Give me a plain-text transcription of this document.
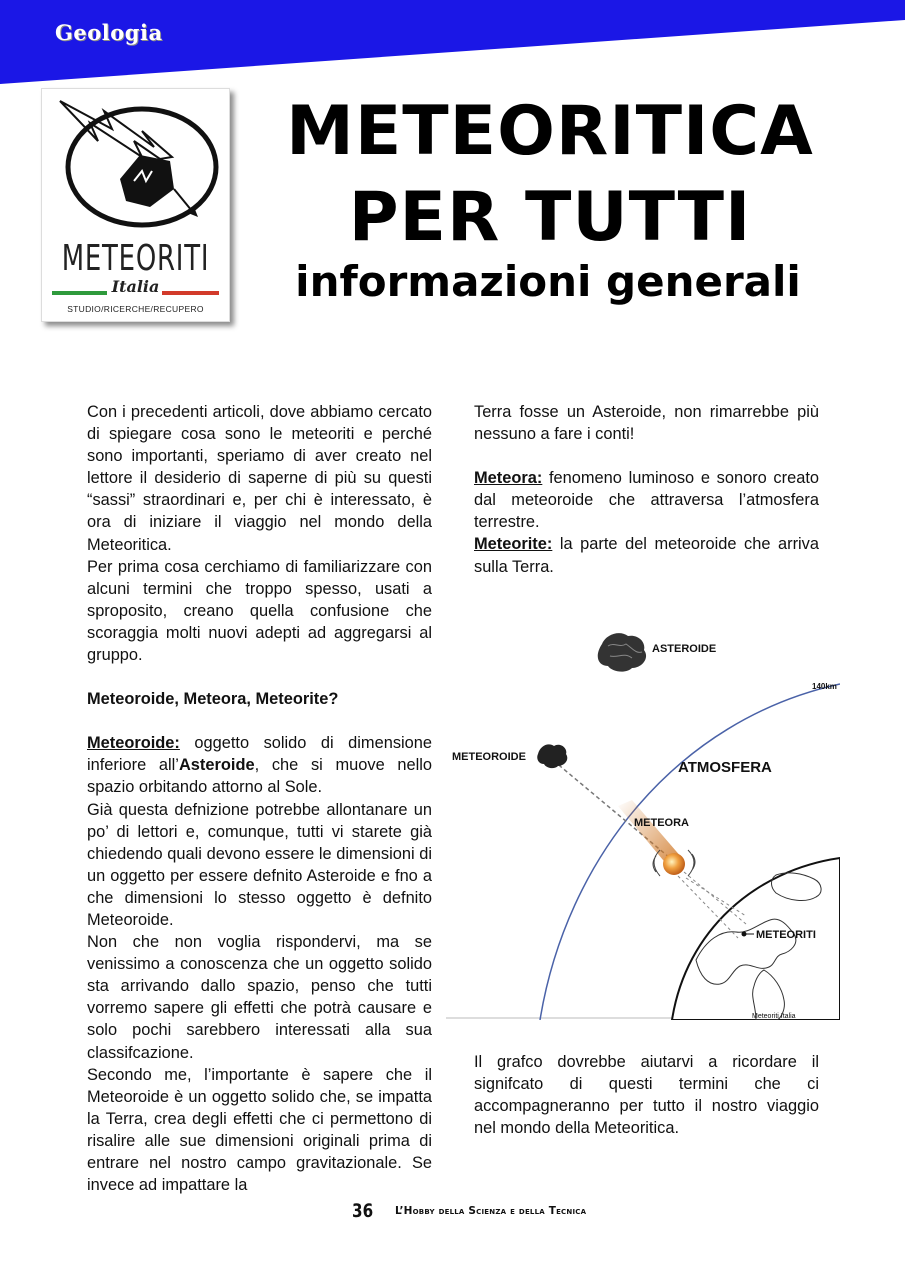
Geologia
METEORITI
Italia
STUDIO/RICERCHE/RECUPERO
METEORITICA
PER TUTTI
informazioni generali

Con i precedenti articoli, dove abbiamo cercato di spiegare cosa sono le meteoriti e perché sono importanti, speriamo di aver creato nel lettore il desiderio di saperne di più su questi “sassi” straordinari e, per chi è interessato, è ora di iniziare il viaggio nel mondo della Meteoritica.

Per prima cosa cerchiamo di familiarizzare con alcuni termini che troppo spesso, usati a sproposito, creano quella confusione che scoraggia molti nuovi adepti ad aggregarsi al gruppo.

Meteoroide, Meteora, Meteorite?

Meteoroide: oggetto solido di dimensione inferiore all’Asteroide, che si muove nello spazio orbitando attorno al Sole.

Già questa defnizione potrebbe allontanare un po’ di lettori e, comunque, tutti vi starete già chiedendo quali devono essere le dimensioni di un oggetto per essere defnito Asteroide e fno a che dimensioni lo stesso oggetto è defnito Meteoroide.

Non che non voglia rispondervi, ma se venissimo a conoscenza che un oggetto solido sta arrivando dallo spazio, penso che tutti vorremo sapere gli effetti che potrà causare e solo pochi sarebbero interessati alla sua classifcazione.

Secondo me, l’importante è sapere che il Meteoroide è un oggetto solido che, se impatta la Terra, crea degli effetti che ci permettono di risalire alle sue dimensioni originali prima di entrare nel nostro campo gravitazionale. Se invece ad impattare la

Terra fosse un Asteroide, non rimarrebbe più nessuno a fare i conti!

Meteora: fenomeno luminoso e sonoro creato dal meteoroide che attraversa l’atmosfera terrestre.

Meteorite: la parte del meteoroide che arriva sulla Terra.

ASTEROIDE
140km
METEOROIDE
ATMOSFERA
METEORA
METEORITI
Meteoriti Italia

Il grafco dovrebbe aiutarvi a ricordare il signifcato di questi termini che ci accompagneranno per tutto il nostro viaggio nel mondo della Meteoritica.

36 L’Hobby della Scienza e della Tecnica
